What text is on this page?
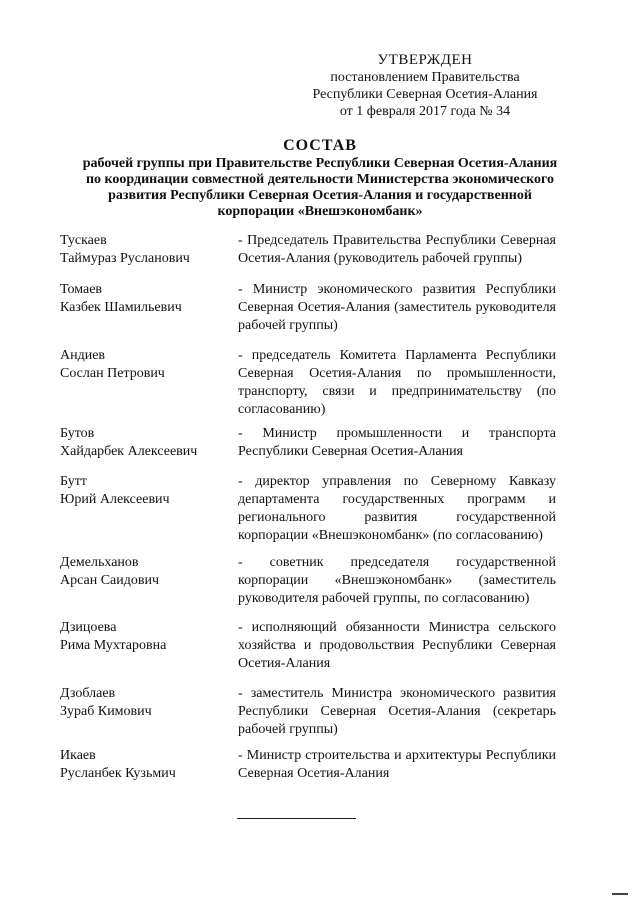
УТВЕРЖДЕН
постановлением Правительства
Республики Северная Осетия-Алания
от 1 февраля 2017 года № 34
СОСТАВ
рабочей группы при Правительстве Республики Северная Осетия-Алания
по координации совместной деятельности Министерства экономического
развития Республики Северная Осетия-Алания и государственной
корпорации «Внешэкономбанк»
Тускаев
Таймураз Русланович
- Председатель Правительства Республики Северная Осетия-Алания (руководитель рабочей группы)
Томаев
Казбек Шамильевич
- Министр экономического развития Республики Северная Осетия-Алания (заместитель руководителя рабочей группы)
Андиев
Сослан Петрович
- председатель Комитета Парламента Республики Северная Осетия-Алания по промышленности, транспорту, связи и предпринимательству (по согласованию)
Бутов
Хайдарбек Алексеевич
- Министр промышленности и транспорта Республики Северная Осетия-Алания
Бутт
Юрий Алексеевич
- директор управления по Северному Кавказу департамента государственных программ и регионального развития государственной корпорации «Внешэкономбанк» (по согласованию)
Демельханов
Арсан Саидович
- советник председателя государственной корпорации «Внешэкономбанк» (заместитель руководителя рабочей группы, по согласованию)
Дзицоева
Рима Мухтаровна
- исполняющий обязанности Министра сельского хозяйства и продовольствия Республики Северная Осетия-Алания
Дзоблаев
Зураб Кимович
- заместитель Министра экономического развития Республики Северная Осетия-Алания (секретарь рабочей группы)
Икаев
Русланбек Кузьмич
- Министр строительства и архитектуры Республики Северная Осетия-Алания
